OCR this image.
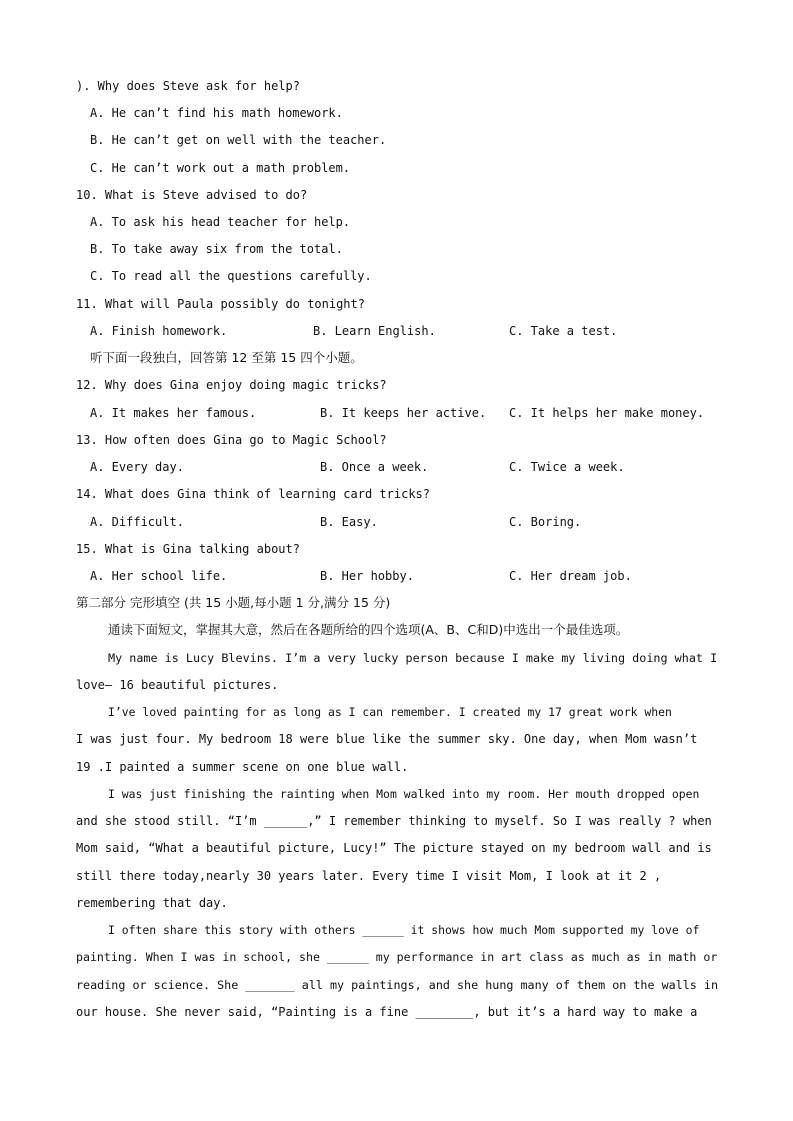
). Why does Steve ask for help?
A. He can’t find his math homework.
B. He can’t get on well with the teacher.
C. He can’t work out a math problem.
10. What is Steve advised to do?
A. To ask his head teacher for help.
B. To take away six from the total.
C. To read all the questions carefully.
11. What will Paula possibly do tonight?
A. Finish homework.	B. Learn English.	C. Take a test.
听下面一段独白，回答第 12 至第 15 四个小题。
12. Why does Gina enjoy doing magic tricks?
A. It makes her famous.	B. It keeps her active. C. It helps her make money.
13. How often does Gina go to Magic School?
A. Every day.	B. Once a week.	C. Twice a week.
14. What does Gina think of learning card tricks?
A. Difficult.	B. Easy.	C. Boring.
15. What is Gina talking about?
A. Her school life.	B. Her hobby.	C. Her dream job.
第二部分 完形填空 (共 15 小题,每小题 1 分,满分 15 分)
通读下面短文，掌握其大意，然后在各题所给的四个选项(A、B、C和D)中选出一个最佳选项。
My name is Lucy Blevins. I’m a very lucky person because I make my living doing what I
love— 16 beautiful pictures.
I’ve loved painting for as long as I can remember. I created my 17 great work when
I was just four. My bedroom 18 were blue like the summer sky. One day, when Mom wasn’t
19 .I painted a summer scene on one blue wall.
I was just finishing the rainting when Mom walked into my room. Her mouth dropped open
and she stood still. “I’m ______,” I remember thinking to myself. So I was really ? when
Mom said, “What a beautiful picture, Lucy!” The picture stayed on my bedroom wall and is
still there today,nearly 30 years later. Every time I visit Mom, I look at it 2 ,
remembering that day.
I often share this story with others ______ it shows how much Mom supported my love of
painting. When I was in school, she ______ my performance in art class as much as in math or
reading or science. She _______ all my paintings, and she hung many of them on the walls in
our house. She never said, “Painting is a fine ________, but it’s a hard way to make a
